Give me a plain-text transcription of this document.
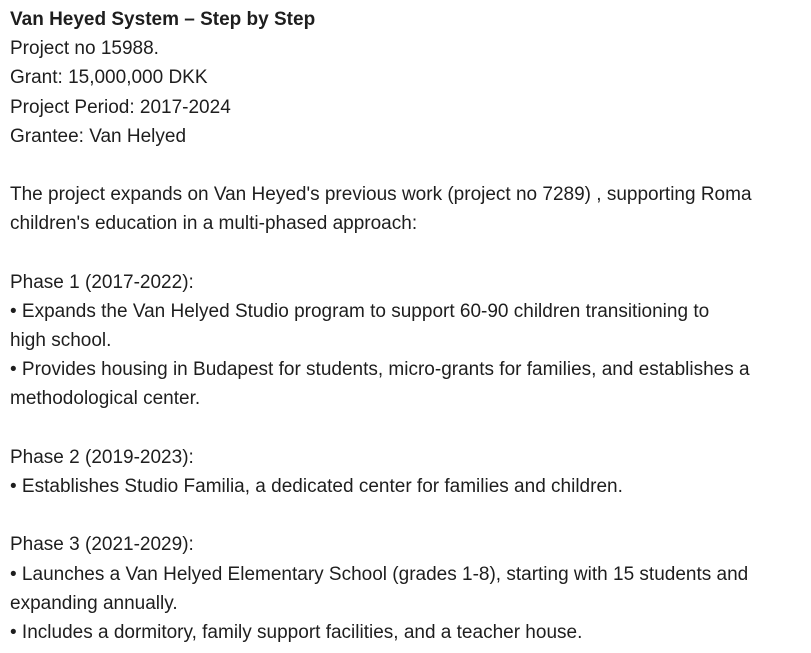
Van Heyed System – Step by Step
Project no 15988.
Grant: 15,000,000 DKK
Project Period: 2017-2024
Grantee: Van Helyed
The project expands on Van Heyed's previous work (project no 7289) , supporting Roma
children's education in a multi-phased approach:
Phase 1 (2017-2022):
• Expands the Van Helyed Studio program to support 60-90 children transitioning to
high school.
• Provides housing in Budapest for students, micro-grants for families, and establishes a
methodological center.
Phase 2 (2019-2023):
• Establishes Studio Familia, a dedicated center for families and children.
Phase 3 (2021-2029):
• Launches a Van Helyed Elementary School (grades 1-8), starting with 15 students and
expanding annually.
• Includes a dormitory, family support facilities, and a teacher house.
